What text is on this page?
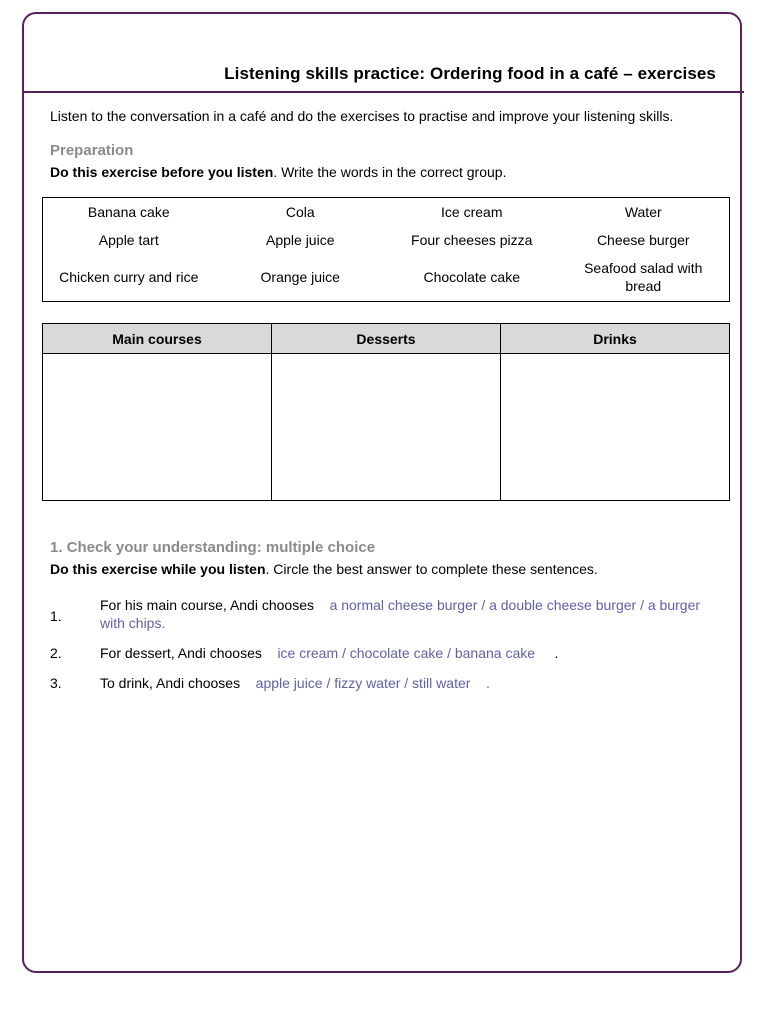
Listening skills practice: Ordering food in a café – exercises
Listen to the conversation in a café and do the exercises to practise and improve your listening skills.
Preparation
Do this exercise before you listen. Write the words in the correct group.
Banana cake	Cola	Ice cream	Water
Apple tart	Apple juice	Four cheeses pizza	Cheese burger
Chicken curry and rice	Orange juice	Chocolate cake	Seafood salad with bread
Main courses	Desserts	Drinks

1. Check your understanding: multiple choice
Do this exercise while you listen. Circle the best answer to complete these sentences.
1.
For his main course, Andi chooses a normal cheese burger / a double cheese burger / a burger with chips.
2.	For dessert, Andi chooses ice cream / chocolate cake / banana cake .
3.	To drink, Andi chooses apple juice / fizzy water / still water .
